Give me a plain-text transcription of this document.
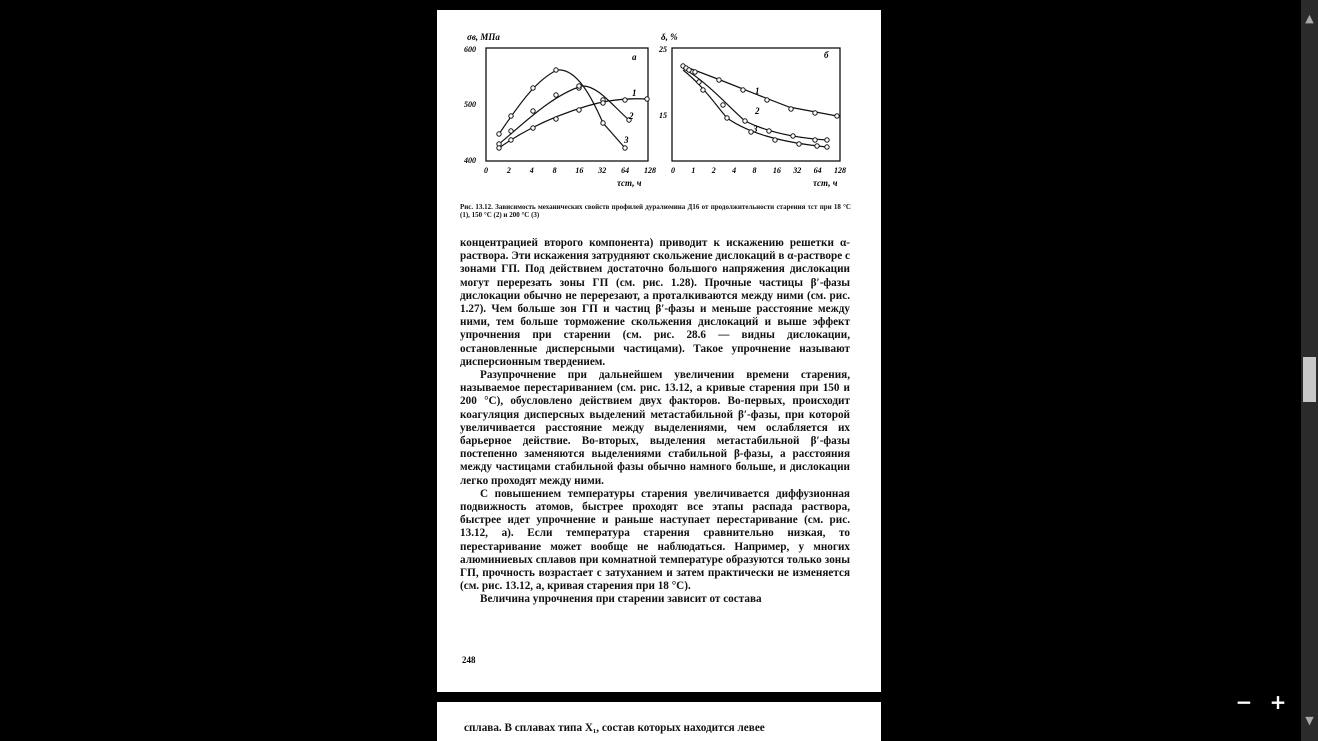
σв, МПа
600
500
400
а
1
2
3
τст, ч
δ, %
25
15
б
1
2
3
τст, ч
0 2 4 8 16 32 64 128 0 1 2 4 8 16 32 64 128
Рис. 13.12. Зависимость механических свойств профилей дуралюмина Д16 от продолжительности старения τст при 18 °С (1), 150 °С (2) и 200 °С (3)

концентрацией второго компонента) приводит к искажению решетки α-раствора. Эти искажения затрудняют скольжение дислокаций в α-растворе с зонами ГП. Под действием достаточно большого напряжения дислокации могут перерезать зоны ГП (см. рис. 1.28). Прочные частицы β′-фазы дислокации обычно не перерезают, а проталкиваются между ними (см. рис. 1.27). Чем больше зон ГП и частиц β′-фазы и меньше расстояние между ними, тем больше торможение скольжения дислокаций и выше эффект упрочнения при старении (см. рис. 28.6 — видны дислокации, остановленные дисперсными частицами). Такое упрочнение называют дисперсионным твердением.

Разупрочнение при дальнейшем увеличении времени старения, называемое перестариванием (см. рис. 13.12, а кривые старения при 150 и 200 °С), обусловлено действием двух факторов. Во-первых, происходит коагуляция дисперсных выделений метастабильной β′-фазы, при которой увеличивается расстояние между выделениями, чем ослабляется их барьерное действие. Во-вторых, выделения метастабильной β′-фазы постепенно заменяются выделениями стабильной β-фазы, а расстояния между частицами стабильной фазы обычно намного больше, и дислокации легко проходят между ними.

С повышением температуры старения увеличивается диффузионная подвижность атомов, быстрее проходят все этапы распада раствора, быстрее идет упрочнение и раньше наступает перестаривание (см. рис. 13.12, а). Если температура старения сравнительно низкая, то перестаривание может вообще не наблюдаться. Например, у многих алюминиевых сплавов при комнатной температуре образуются только зоны ГП, прочность возрастает с затуханием и затем практически не изменяется (см. рис. 13.12, а, кривая старения при 18 °С).

Величина упрочнения при старении зависит от состава

248
сплава. В сплавах типа X₁, состав которых находится левее
− +
▲
▼
